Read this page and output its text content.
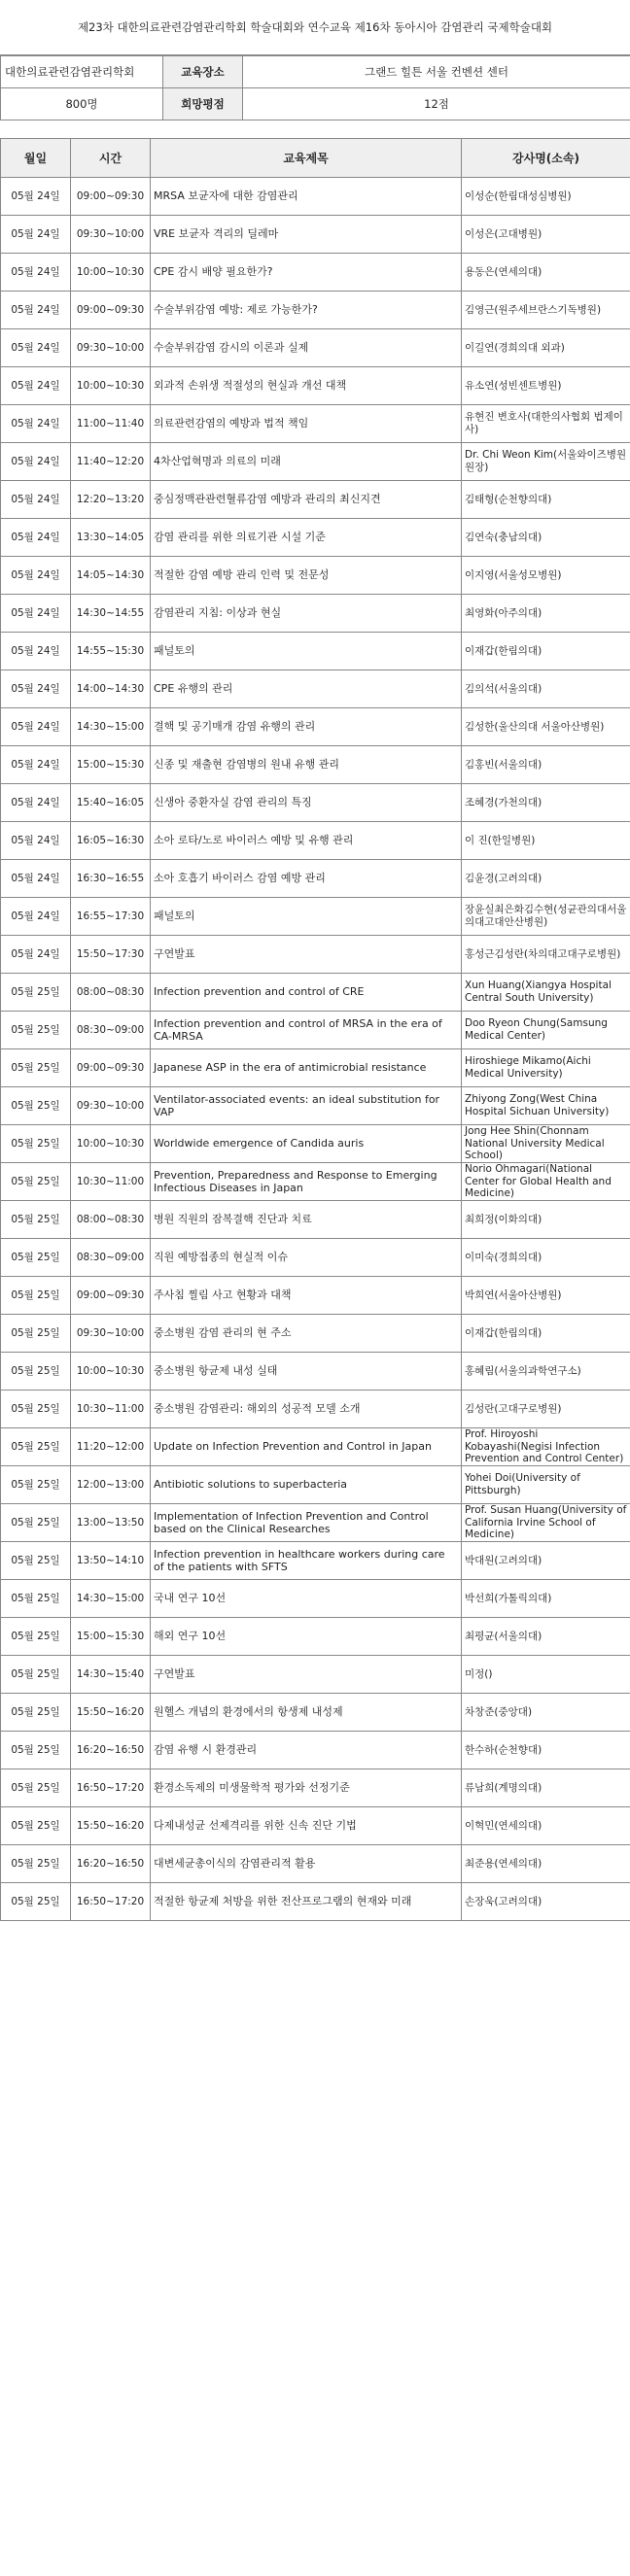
제23차 대한의료관련감염관리학회 학술대회와 연수교육 제16차 동아시아 감염관리 국제학술대회
대한의료관련감염관리학회	교육장소	그랜드 힐튼 서울 컨벤션 센터
800명	희망평점	12점
월일	시간	교육제목	강사명(소속)
05월 24일	09:00~09:30	MRSA 보균자에 대한 감염관리	이성순(한림대성심병원)
05월 24일	09:30~10:00	VRE 보균자 격리의 딜레마	이성은(고대병원)
05월 24일	10:00~10:30	CPE 감시 배양 필요한가?	용동은(연세의대)
05월 24일	09:00~09:30	수술부위감염 예방: 제로 가능한가?	김영근(원주세브란스기독병원)
05월 24일	09:30~10:00	수술부위감염 감시의 이론과 실제	이길연(경희의대 외과)
05월 24일	10:00~10:30	외과적 손위생 적절성의 현실과 개선 대책	유소연(성빈센트병원)
05월 24일	11:00~11:40	의료관련감염의 예방과 법적 책임	유현진 변호사(대한의사협회 법제이사)
05월 24일	11:40~12:20	4차산업혁명과 의료의 미래	Dr. Chi Weon Kim(서울와이즈병원 원장)
05월 24일	12:20~13:20	중심정맥관관련혈류감염 예방과 관리의 최신지견	김태형(순천향의대)
05월 24일	13:30~14:05	감염 관리를 위한 의료기관 시설 기준	김연숙(충남의대)
05월 24일	14:05~14:30	적절한 감염 예방 관리 인력 및 전문성	이지영(서울성모병원)
05월 24일	14:30~14:55	감염관리 지침: 이상과 현실	최영화(아주의대)
05월 24일	14:55~15:30	패널토의	이재갑(한림의대)
05월 24일	14:00~14:30	CPE 유행의 관리	김의석(서울의대)
05월 24일	14:30~15:00	결핵 및 공기매개 감염 유행의 관리	김성한(울산의대 서울아산병원)
05월 24일	15:00~15:30	신종 및 재출현 감염병의 원내 유행 관리	김홍빈(서울의대)
05월 24일	15:40~16:05	신생아 중환자실 감염 관리의 특징	조혜경(가천의대)
05월 24일	16:05~16:30	소아 로타/노로 바이러스 예방 및 유행 관리	이 진(한일병원)
05월 24일	16:30~16:55	소아 호흡기 바이러스 감염 예방 관리	김윤경(고려의대)
05월 24일	16:55~17:30	패널토의	장윤실최은화김수현(성균관의대서울의대고대안산병원)
05월 24일	15:50~17:30	구연발표	홍성근김성란(차의대고대구로병원)
05월 25일	08:00~08:30	Infection prevention and control of CRE	Xun Huang(Xiangya Hospital Central South University)
05월 25일	08:30~09:00	Infection prevention and control of MRSA in the era of CA-MRSA	Doo Ryeon Chung(Samsung Medical Center)
05월 25일	09:00~09:30	Japanese ASP in the era of antimicrobial resistance	Hiroshiege Mikamo(Aichi Medical University)
05월 25일	09:30~10:00	Ventilator-associated events: an ideal substitution for VAP	Zhiyong Zong(West China Hospital Sichuan University)
05월 25일	10:00~10:30	Worldwide emergence of Candida auris	Jong Hee Shin(Chonnam National University Medical School)
05월 25일	10:30~11:00	Prevention, Preparedness and Response to Emerging Infectious Diseases in Japan	Norio Ohmagari(National Center for Global Health and Medicine)
05월 25일	08:00~08:30	병원 직원의 잠복결핵 진단과 치료	최희정(이화의대)
05월 25일	08:30~09:00	직원 예방접종의 현실적 이슈	이미숙(경희의대)
05월 25일	09:00~09:30	주사침 찔림 사고 현황과 대책	박희연(서울아산병원)
05월 25일	09:30~10:00	중소병원 감염 관리의 현 주소	이재갑(한림의대)
05월 25일	10:00~10:30	중소병원 항균제 내성 실태	홍혜림(서울의과학연구소)
05월 25일	10:30~11:00	중소병원 감염관리: 해외의 성공적 모델 소개	김성란(고대구로병원)
05월 25일	11:20~12:00	Update on Infection Prevention and Control in Japan	Prof. Hiroyoshi Kobayashi(Negisi Infection Prevention and Control Center)
05월 25일	12:00~13:00	Antibiotic solutions to superbacteria	Yohei Doi(University of Pittsburgh)
05월 25일	13:00~13:50	Implementation of Infection Prevention and Control based on the Clinical Researches	Prof. Susan Huang(University of California Irvine School of Medicine)
05월 25일	13:50~14:10	Infection prevention in healthcare workers during care of the patients with SFTS	박대원(고려의대)
05월 25일	14:30~15:00	국내 연구 10선	박선희(가톨릭의대)
05월 25일	15:00~15:30	해외 연구 10선	최평균(서울의대)
05월 25일	14:30~15:40	구연발표	미정()
05월 25일	15:50~16:20	원헬스 개념의 환경에서의 항생제 내성제	차창준(중앙대)
05월 25일	16:20~16:50	감염 유행 시 환경관리	한수하(순천향대)
05월 25일	16:50~17:20	환경소독제의 미생물학적 평가와 선정기준	류남희(계명의대)
05월 25일	15:50~16:20	다제내성균 선제격리를 위한 신속 진단 기법	이혁민(연세의대)
05월 25일	16:20~16:50	대변세균총이식의 감염관리적 활용	최준용(연세의대)
05월 25일	16:50~17:20	적절한 항균제 처방을 위한 전산프로그램의 현재와 미래	손장욱(고려의대)
